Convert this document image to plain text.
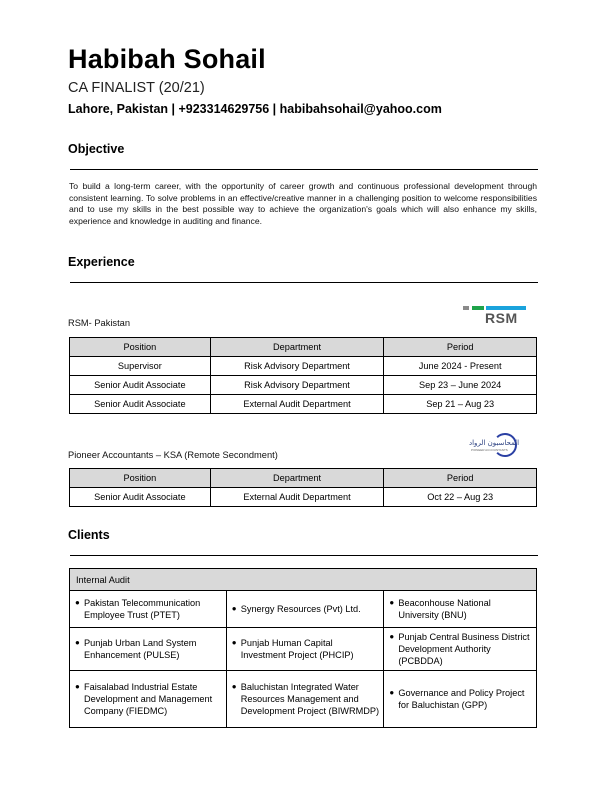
Habibah Sohail
CA FINALIST (20/21)
Lahore, Pakistan | +923314629756 | habibahsohail@yahoo.com
Objective
To build a long-term career, with the opportunity of career growth and continuous professional development through consistent learning. To solve problems in an effective/creative manner in a challenging position to welcome responsibilities and to use my skills in the best possible way to achieve the organization's goals which will also enhance my skills, experience and knowledge in auditing and finance.
Experience
RSM
RSM- Pakistan
Position	Department	Period
Supervisor	Risk Advisory Department	June 2024 - Present
Senior Audit Associate	Risk Advisory Department	Sep 23 – June 2024
Senior Audit Associate	External Audit Department	Sep 21 – Aug 23
المحاسبون الرواد
PIONEER ACCOUNTANTS
Pioneer Accountants – KSA (Remote Secondment)
Position	Department	Period
Senior Audit Associate	External Audit Department	Oct 22 – Aug 23
Clients
Internal Audit		

● Pakistan Telecommunication Employee Trust (PTET)	● Synergy Resources (Pvt) Ltd.	● Beaconhouse National University (BNU)

● Punjab Urban Land System Enhancement (PULSE)	● Punjab Human Capital Investment Project (PHCIP)	● Punjab Central Business District Development Authority (PCBDDA)

● Faisalabad Industrial Estate Development and Management Company (FIEDMC)	● Baluchistan Integrated Water Resources Management and Development Project (BIWRMDP)	● Governance and Policy Project for Baluchistan (GPP)
